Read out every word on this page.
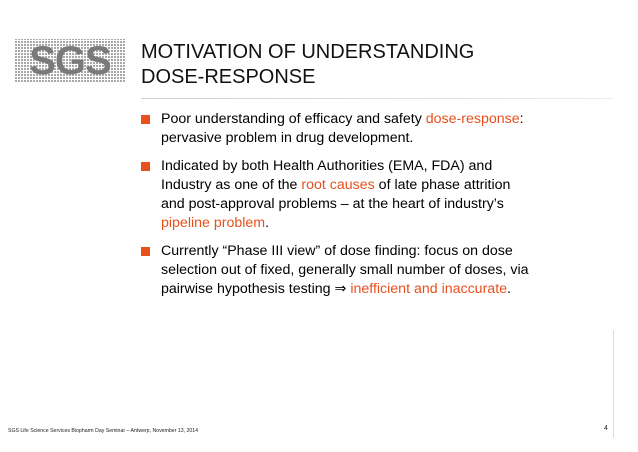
SGS	MOTIVATION OF UNDERSTANDING
DOSE-RESPONSE
Poor understanding of efficacy and safety dose-response:
pervasive problem in drug development.
Indicated by both Health Authorities (EMA, FDA) and
Industry as one of the root causes of late phase attrition
and post-approval problems – at the heart of industry’s
pipeline problem.
Currently “Phase III view” of dose finding: focus on dose
selection out of fixed, generally small number of doses, via
pairwise hypothesis testing ⇒ inefficient and inaccurate.
SGS Life Science Services Biopharm Day Seminar – Antwerp, November 13, 2014	4
